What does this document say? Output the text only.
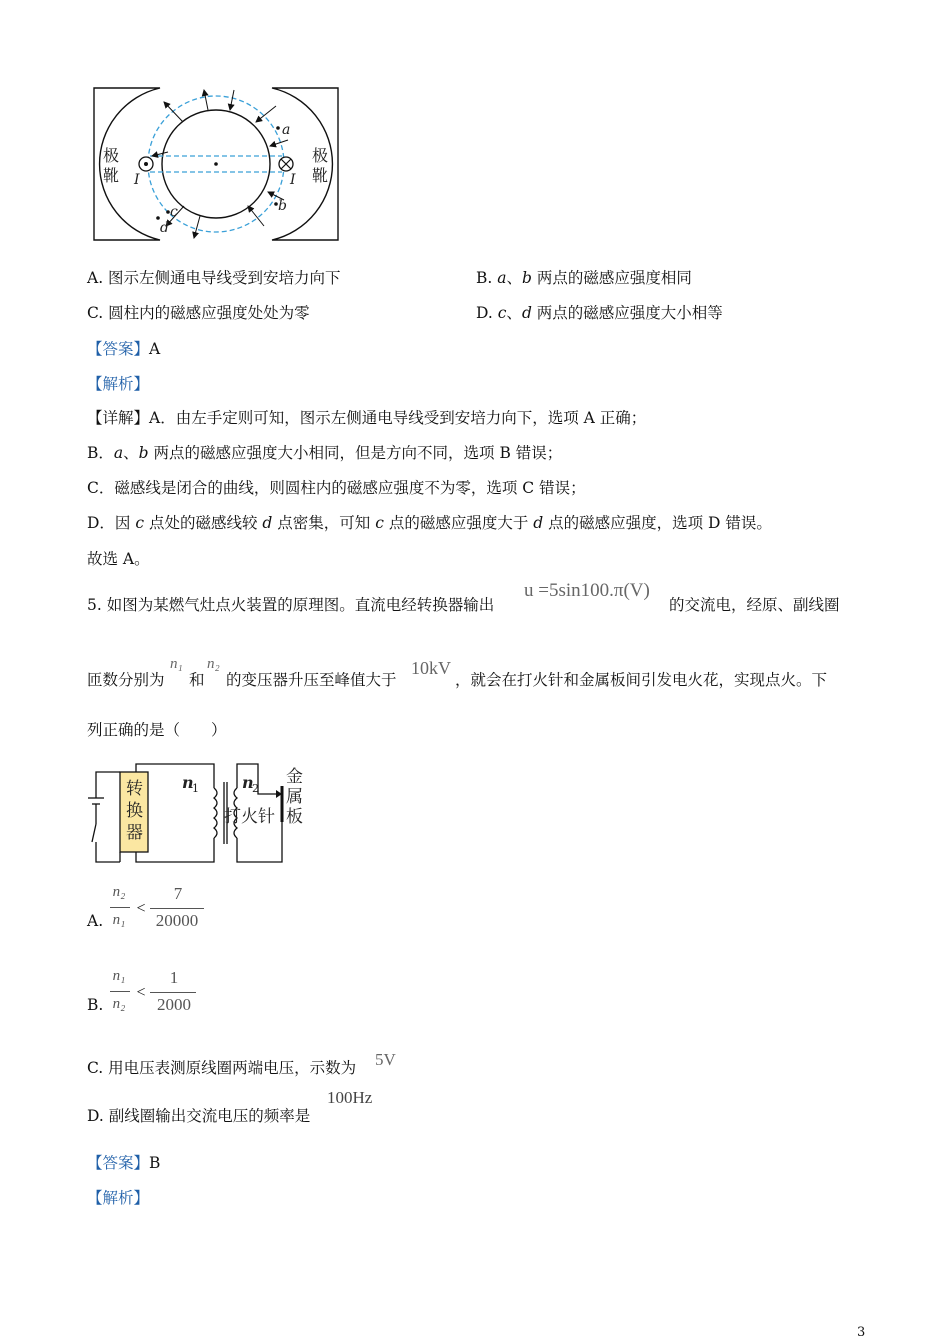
a
b
c
d
I	I
极靴
极靴
A. 图示左侧通电导线受到安培力向下	B. a、b 两点的磁感应强度相同
C. 圆柱内的磁感应强度处处为零	D. c、d 两点的磁感应强度大小相等
【答案】A
【解析】
【详解】A．由左手定则可知，图示左侧通电导线受到安培力向下，选项 A 正确；
B．a、b 两点的磁感应强度大小相同，但是方向不同，选项 B 错误；
C．磁感线是闭合的曲线，则圆柱内的磁感应强度不为零，选项 C 错误；
D．因 c 点处的磁感线较 d 点密集，可知 c 点的磁感应强度大于 d 点的磁感应强度，选项 D 错误。
故选 A。
5. 如图为某燃气灶点火装置的原理图。直流电经转换器输出
u =5sin100.π(V)
的交流电，经原、副线圈
匝数分别为
n₁
和
n₂
的变压器升压至峰值大于
10kV
，就会在打火针和金属板间引发电火花，实现点火。下
列正确的是（　　）
转
换
器
n
1	n
2
打火针
金
属
板
A.
n₂
n₁
<
7
20000
B.
n₁
n₂
<
1
2000
C. 用电压表测原线圈两端电压，示数为 5V
D. 副线圈输出交流电压的频率是
100Hz
【答案】B
【解析】
3
